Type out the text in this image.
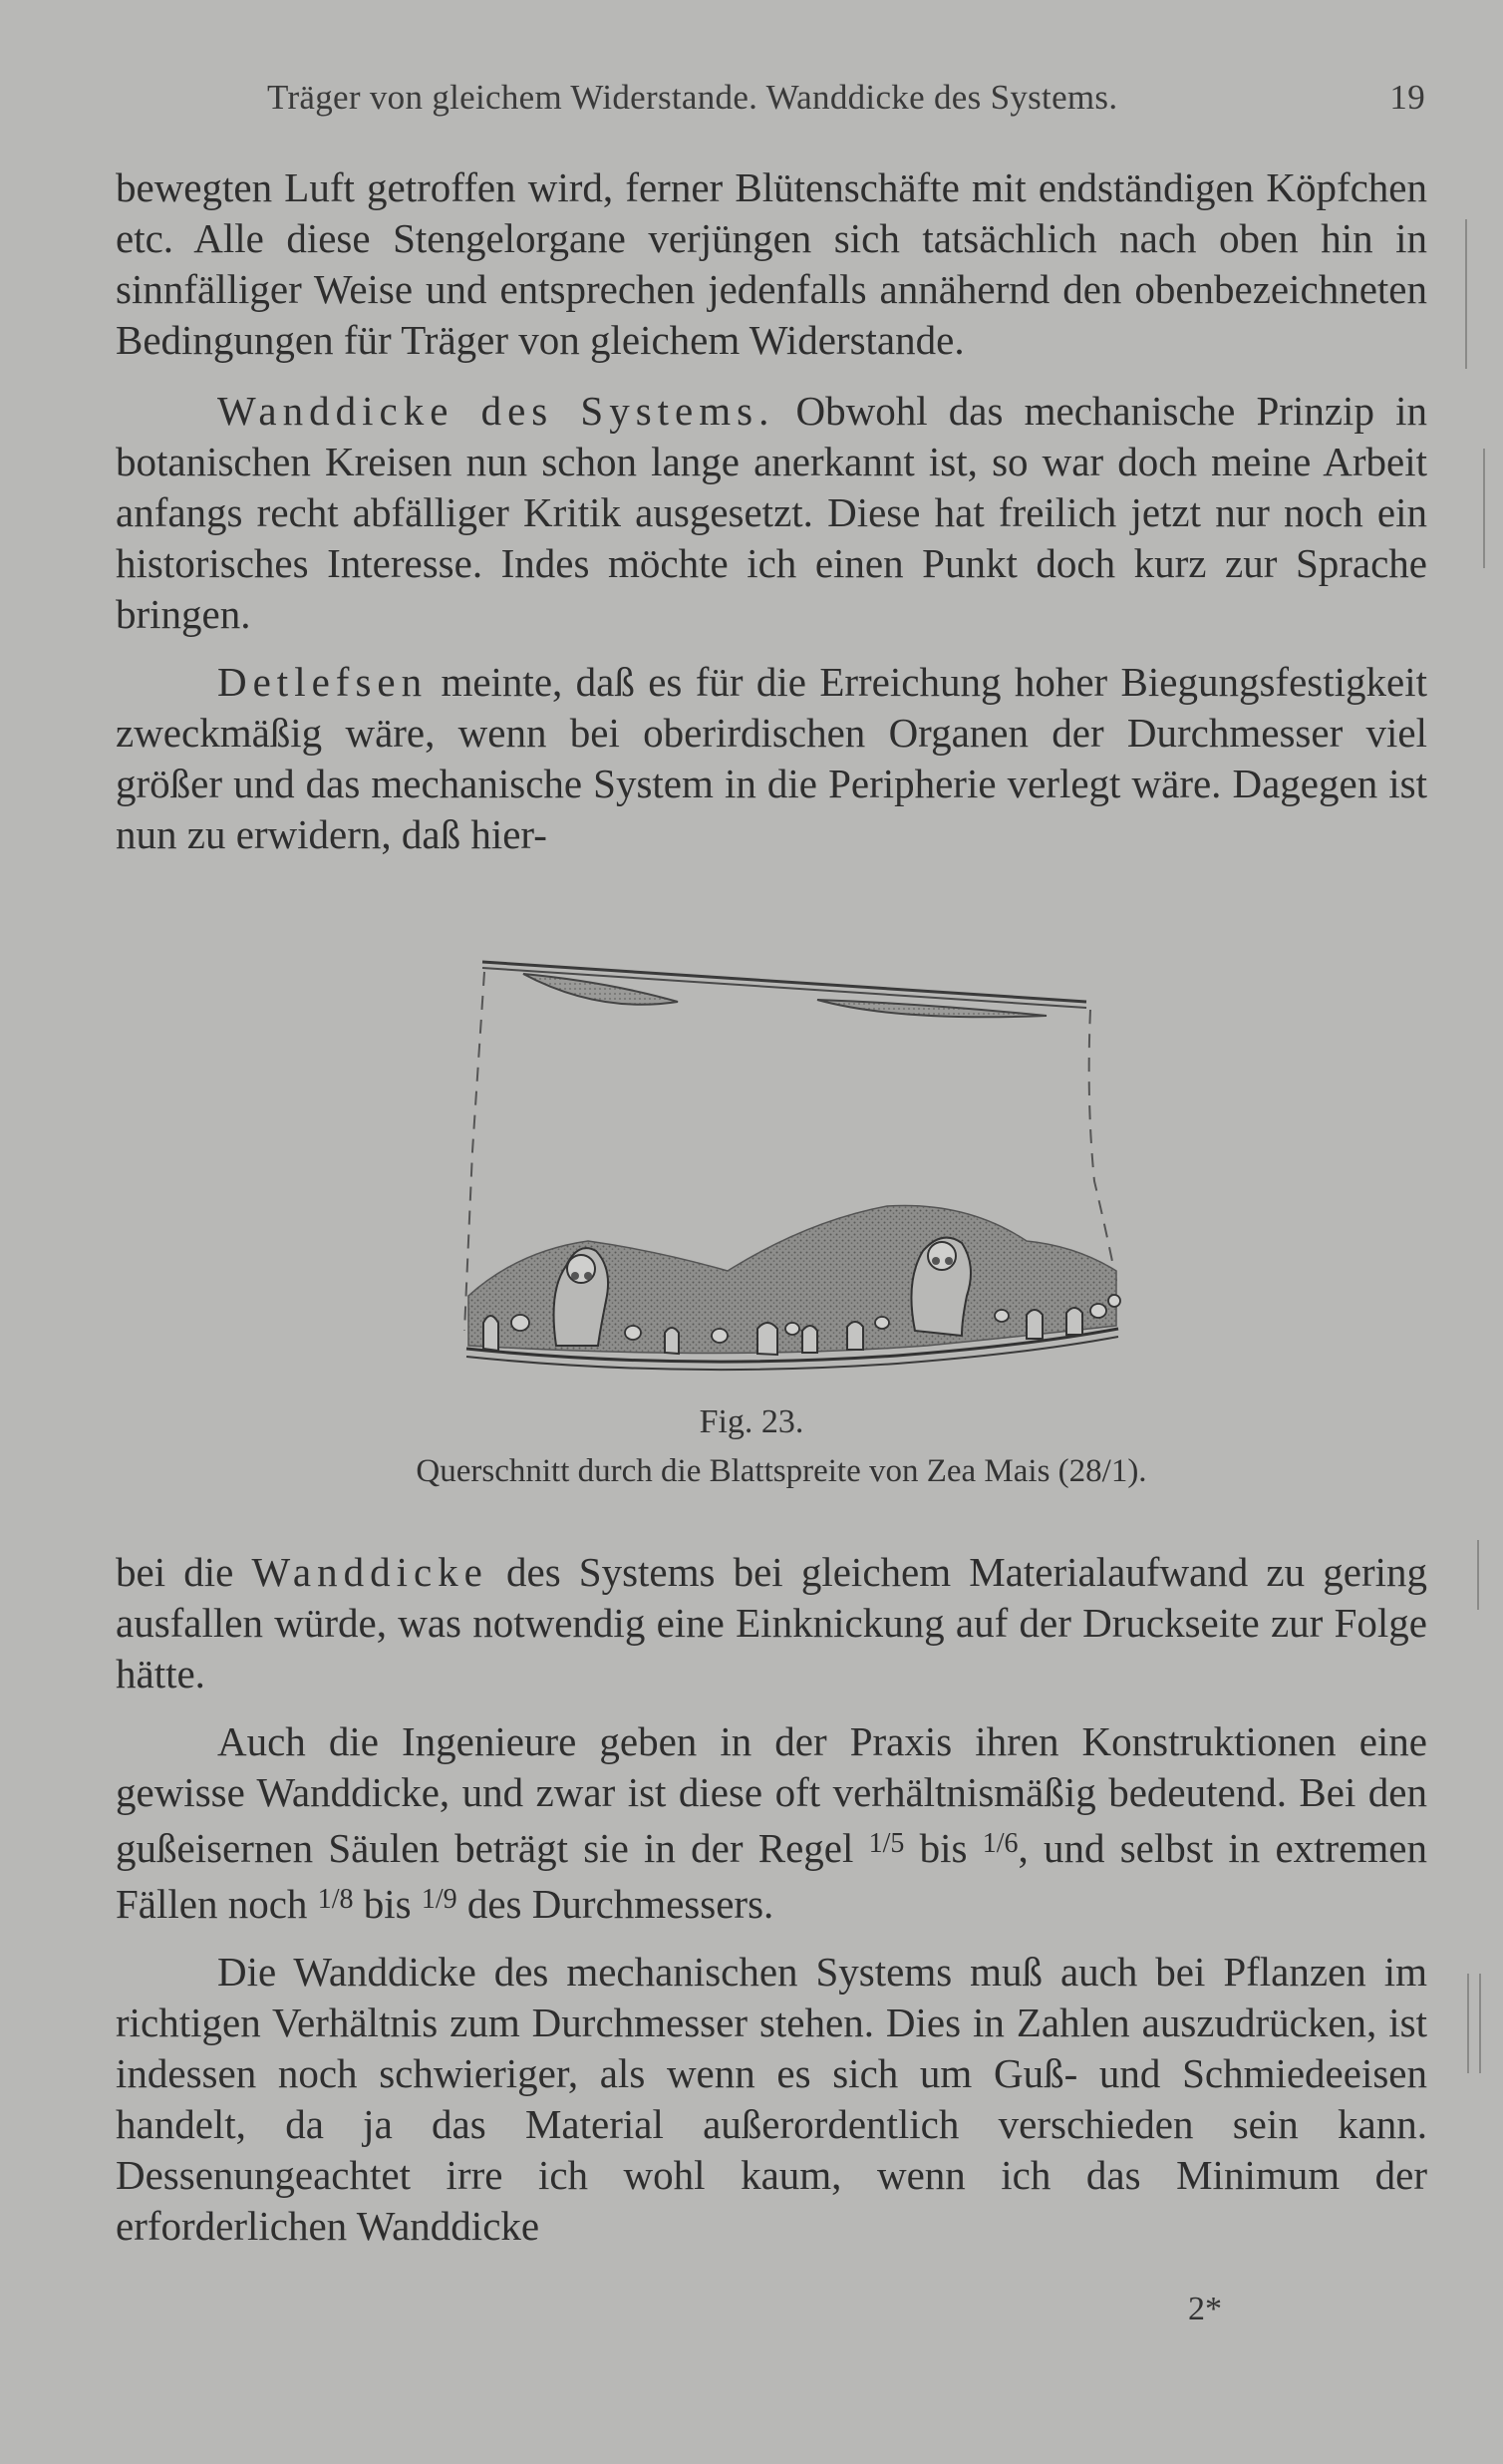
Träger von gleichem Widerstande. Wanddicke des Systems.	19

bewegten Luft getroffen wird, ferner Blütenschäfte mit endständigen Köpfchen etc. Alle diese Stengelorgane verjüngen sich tatsächlich nach oben hin in sinnfälliger Weise und entsprechen jedenfalls annähernd den obenbezeichneten Bedingungen für Träger von gleichem Widerstande.

Wanddicke des Systems. Obwohl das mechanische Prinzip in botanischen Kreisen nun schon lange anerkannt ist, so war doch meine Arbeit anfangs recht abfälliger Kritik ausgesetzt. Diese hat freilich jetzt nur noch ein historisches Interesse. Indes möchte ich einen Punkt doch kurz zur Sprache bringen.

Detlefsen meinte, daß es für die Erreichung hoher Biegungsfestigkeit zweckmäßig wäre, wenn bei oberirdischen Organen der Durchmesser viel größer und das mechanische System in die Peripherie verlegt wäre. Dagegen ist nun zu erwidern, daß hier-

Fig. 23.
Querschnitt durch die Blattspreite von Zea Mais (28/1).

bei die Wanddicke des Systems bei gleichem Materialaufwand zu gering ausfallen würde, was notwendig eine Einknickung auf der Druckseite zur Folge hätte.

Auch die Ingenieure geben in der Praxis ihren Konstruktionen eine gewisse Wanddicke, und zwar ist diese oft verhältnismäßig bedeutend. Bei den gußeisernen Säulen beträgt sie in der Regel $^{1/5}$ bis $^{1/6}$, und selbst in extremen Fällen noch $^{1/8}$ bis $^{1/9}$ des Durchmessers.

Die Wanddicke des mechanischen Systems muß auch bei Pflanzen im richtigen Verhältnis zum Durchmesser stehen. Dies in Zahlen auszudrücken, ist indessen noch schwieriger, als wenn es sich um Guß- und Schmiedeeisen handelt, da ja das Material außerordentlich verschieden sein kann. Dessenungeachtet irre ich wohl kaum, wenn ich das Minimum der erforderlichen Wanddicke

2*
